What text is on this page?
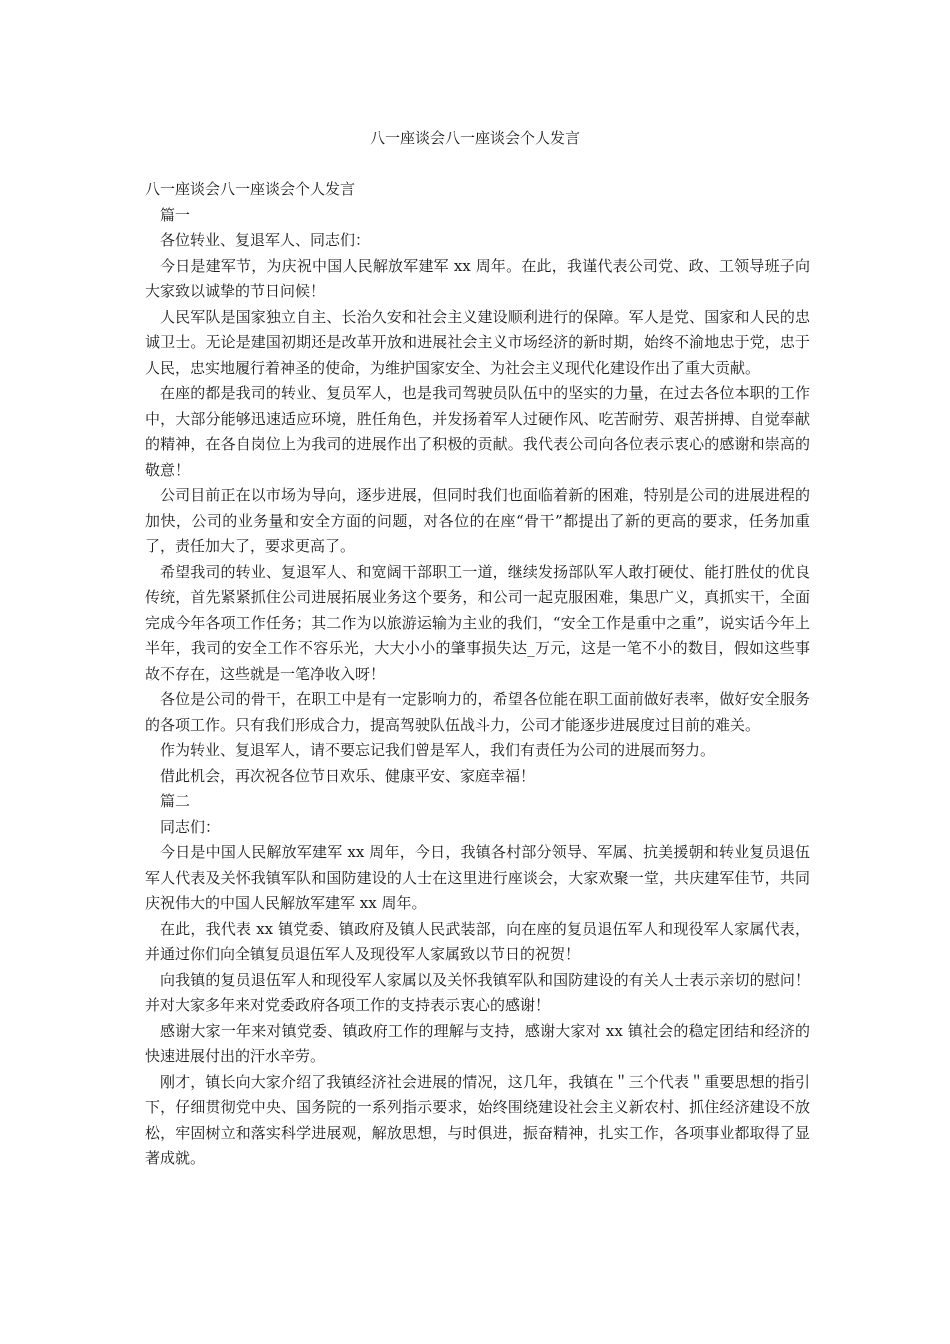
八一座谈会八一座谈会个人发言

八一座谈会八一座谈会个人发言

篇一

各位转业、复退军人、同志们：

今日是建军节，为庆祝中国人民解放军建军 xx 周年。在此，我谨代表公司党、政、工领导班子向大家致以诚挚的节日问候！

人民军队是国家独立自主、长治久安和社会主义建设顺利进行的保障。军人是党、国家和人民的忠诚卫士。无论是建国初期还是改革开放和进展社会主义市场经济的新时期，始终不渝地忠于党，忠于人民，忠实地履行着神圣的使命，为维护国家安全、为社会主义现代化建设作出了重大贡献。

在座的都是我司的转业、复员军人，也是我司驾驶员队伍中的坚实的力量，在过去各位本职的工作中，大部分能够迅速适应环境，胜任角色，并发扬着军人过硬作风、吃苦耐劳、艰苦拼搏、自觉奉献的精神，在各自岗位上为我司的进展作出了积极的贡献。我代表公司向各位表示衷心的感谢和崇高的敬意！

公司目前正在以市场为导向，逐步进展，但同时我们也面临着新的困难，特别是公司的进展进程的加快，公司的业务量和安全方面的问题，对各位的在座“骨干”都提出了新的更高的要求，任务加重了，责任加大了，要求更高了。

希望我司的转业、复退军人、和宽阔干部职工一道，继续发扬部队军人敢打硬仗、能打胜仗的优良传统，首先紧紧抓住公司进展拓展业务这个要务，和公司一起克服困难，集思广义，真抓实干，全面完成今年各项工作任务；其二作为以旅游运输为主业的我们，“安全工作是重中之重”，说实话今年上半年，我司的安全工作不容乐光，大大小小的肇事损失达_万元，这是一笔不小的数目，假如这些事故不存在，这些就是一笔净收入呀！

各位是公司的骨干，在职工中是有一定影响力的，希望各位能在职工面前做好表率，做好安全服务的各项工作。只有我们形成合力，提高驾驶队伍战斗力，公司才能逐步进展度过目前的难关。

作为转业、复退军人，请不要忘记我们曾是军人，我们有责任为公司的进展而努力。

借此机会，再次祝各位节日欢乐、健康平安、家庭幸福！

篇二

同志们：

今日是中国人民解放军建军 xx 周年，今日，我镇各村部分领导、军属、抗美援朝和转业复员退伍军人代表及关怀我镇军队和国防建设的人士在这里进行座谈会，大家欢聚一堂，共庆建军佳节，共同庆祝伟大的中国人民解放军建军 xx 周年。

在此，我代表 xx 镇党委、镇政府及镇人民武装部，向在座的复员退伍军人和现役军人家属代表，并通过你们向全镇复员退伍军人及现役军人家属致以节日的祝贺！

向我镇的复员退伍军人和现役军人家属以及关怀我镇军队和国防建设的有关人士表示亲切的慰问！并对大家多年来对党委政府各项工作的支持表示衷心的感谢！

感谢大家一年来对镇党委、镇政府工作的理解与支持，感谢大家对 xx 镇社会的稳定团结和经济的快速进展付出的汗水辛劳。

刚才，镇长向大家介绍了我镇经济社会进展的情况，这几年，我镇在＂三个代表＂重要思想的指引下，仔细贯彻党中央、国务院的一系列指示要求，始终围绕建设社会主义新农村、抓住经济建设不放松，牢固树立和落实科学进展观，解放思想，与时俱进，振奋精神，扎实工作，各项事业都取得了显著成就。
